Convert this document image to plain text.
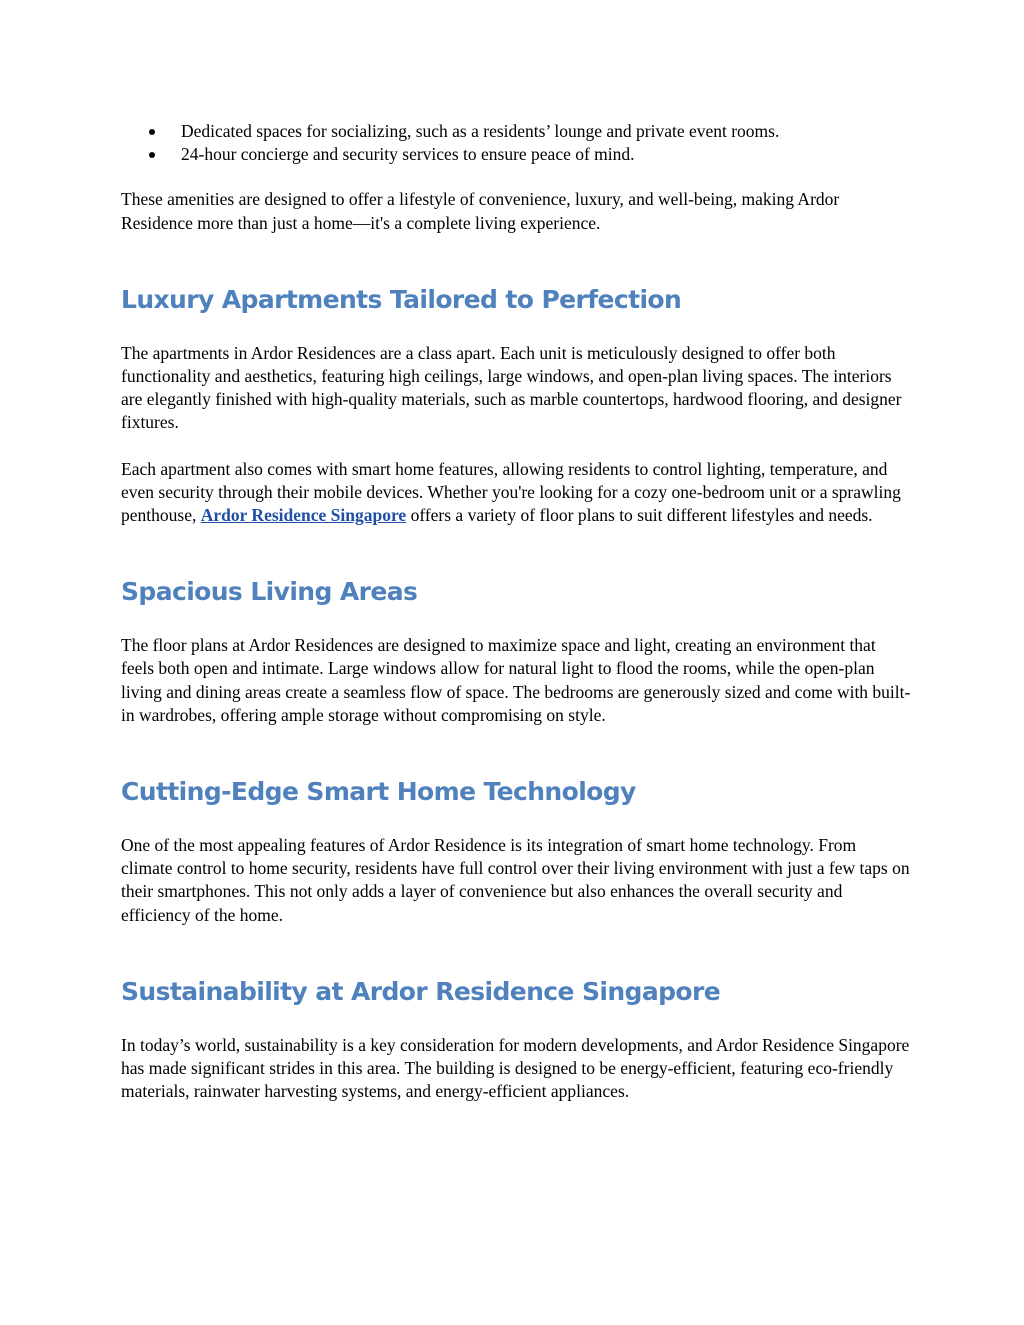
Dedicated spaces for socializing, such as a residents’ lounge and private event rooms.
24-hour concierge and security services to ensure peace of mind.

These amenities are designed to offer a lifestyle of convenience, luxury, and well-being, making Ardor Residence more than just a home—it's a complete living experience.

Luxury Apartments Tailored to Perfection

The apartments in Ardor Residences are a class apart. Each unit is meticulously designed to offer both functionality and aesthetics, featuring high ceilings, large windows, and open-plan living spaces. The interiors are elegantly finished with high-quality materials, such as marble countertops, hardwood flooring, and designer fixtures.

Each apartment also comes with smart home features, allowing residents to control lighting, temperature, and even security through their mobile devices. Whether you're looking for a cozy one-bedroom unit or a sprawling penthouse, Ardor Residence Singapore offers a variety of floor plans to suit different lifestyles and needs.

Spacious Living Areas

The floor plans at Ardor Residences are designed to maximize space and light, creating an environment that feels both open and intimate. Large windows allow for natural light to flood the rooms, while the open-plan living and dining areas create a seamless flow of space. The bedrooms are generously sized and come with built-in wardrobes, offering ample storage without compromising on style.

Cutting-Edge Smart Home Technology

One of the most appealing features of Ardor Residence is its integration of smart home technology. From climate control to home security, residents have full control over their living environment with just a few taps on their smartphones. This not only adds a layer of convenience but also enhances the overall security and efficiency of the home.

Sustainability at Ardor Residence Singapore

In today’s world, sustainability is a key consideration for modern developments, and Ardor Residence Singapore has made significant strides in this area. The building is designed to be energy-efficient, featuring eco-friendly materials, rainwater harvesting systems, and energy-efficient appliances.
